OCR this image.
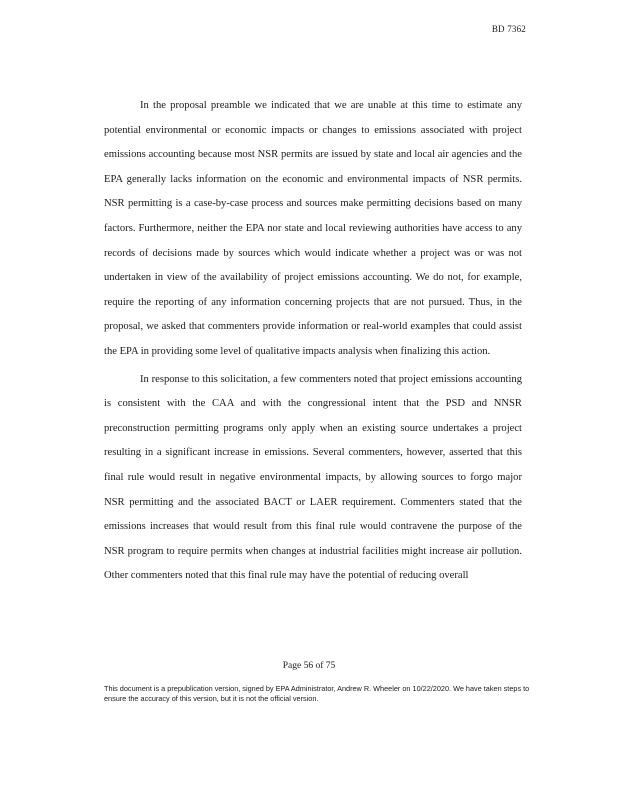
BD 7362

In the proposal preamble we indicated that we are unable at this time to estimate any potential environmental or economic impacts or changes to emissions associated with project emissions accounting because most NSR permits are issued by state and local air agencies and the EPA generally lacks information on the economic and environmental impacts of NSR permits. NSR permitting is a case-by-case process and sources make permitting decisions based on many factors. Furthermore, neither the EPA nor state and local reviewing authorities have access to any records of decisions made by sources which would indicate whether a project was or was not undertaken in view of the availability of project emissions accounting. We do not, for example, require the reporting of any information concerning projects that are not pursued. Thus, in the proposal, we asked that commenters provide information or real-world examples that could assist the EPA in providing some level of qualitative impacts analysis when finalizing this action.

In response to this solicitation, a few commenters noted that project emissions accounting is consistent with the CAA and with the congressional intent that the PSD and NNSR preconstruction permitting programs only apply when an existing source undertakes a project resulting in a significant increase in emissions. Several commenters, however, asserted that this final rule would result in negative environmental impacts, by allowing sources to forgo major NSR permitting and the associated BACT or LAER requirement. Commenters stated that the emissions increases that would result from this final rule would contravene the purpose of the NSR program to require permits when changes at industrial facilities might increase air pollution. Other commenters noted that this final rule may have the potential of reducing overall

Page 56 of 75
This document is a prepublication version, signed by EPA Administrator, Andrew R. Wheeler on 10/22/2020. We have taken steps to ensure the accuracy of this version, but it is not the official version.
